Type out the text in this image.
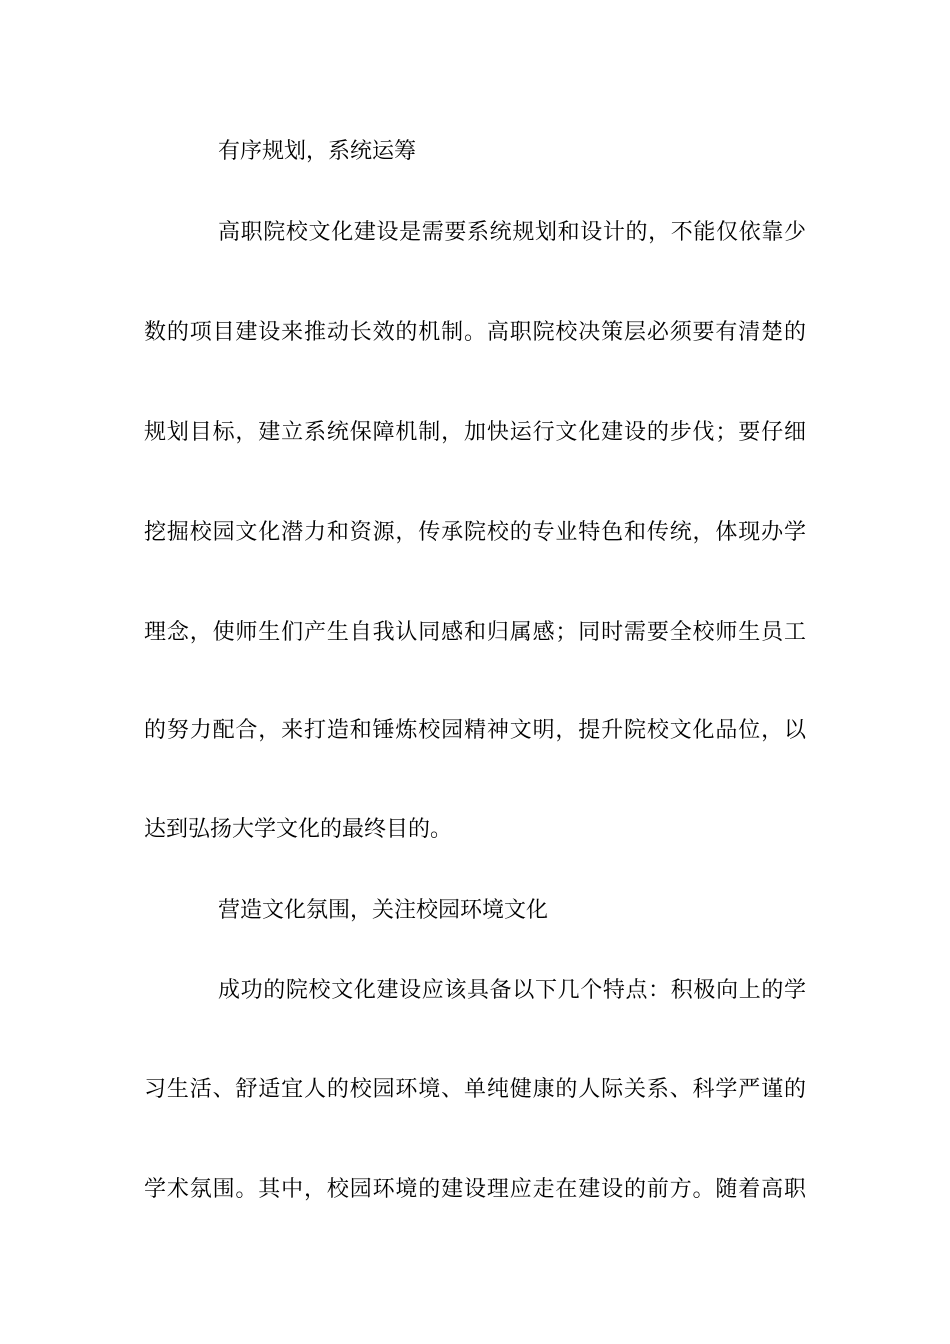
有序规划，系统运筹
高职院校文化建设是需要系统规划和设计的，不能仅依靠少
数的项目建设来推动长效的机制。高职院校决策层必须要有清楚的
规划目标，建立系统保障机制，加快运行文化建设的步伐；要仔细
挖掘校园文化潜力和资源，传承院校的专业特色和传统，体现办学
理念，使师生们产生自我认同感和归属感；同时需要全校师生员工
的努力配合，来打造和锤炼校园精神文明，提升院校文化品位，以
达到弘扬大学文化的最终目的。
营造文化氛围，关注校园环境文化
成功的院校文化建设应该具备以下几个特点：积极向上的学
习生活、舒适宜人的校园环境、单纯健康的人际关系、科学严谨的
学术氛围。其中，校园环境的建设理应走在建设的前方。随着高职
